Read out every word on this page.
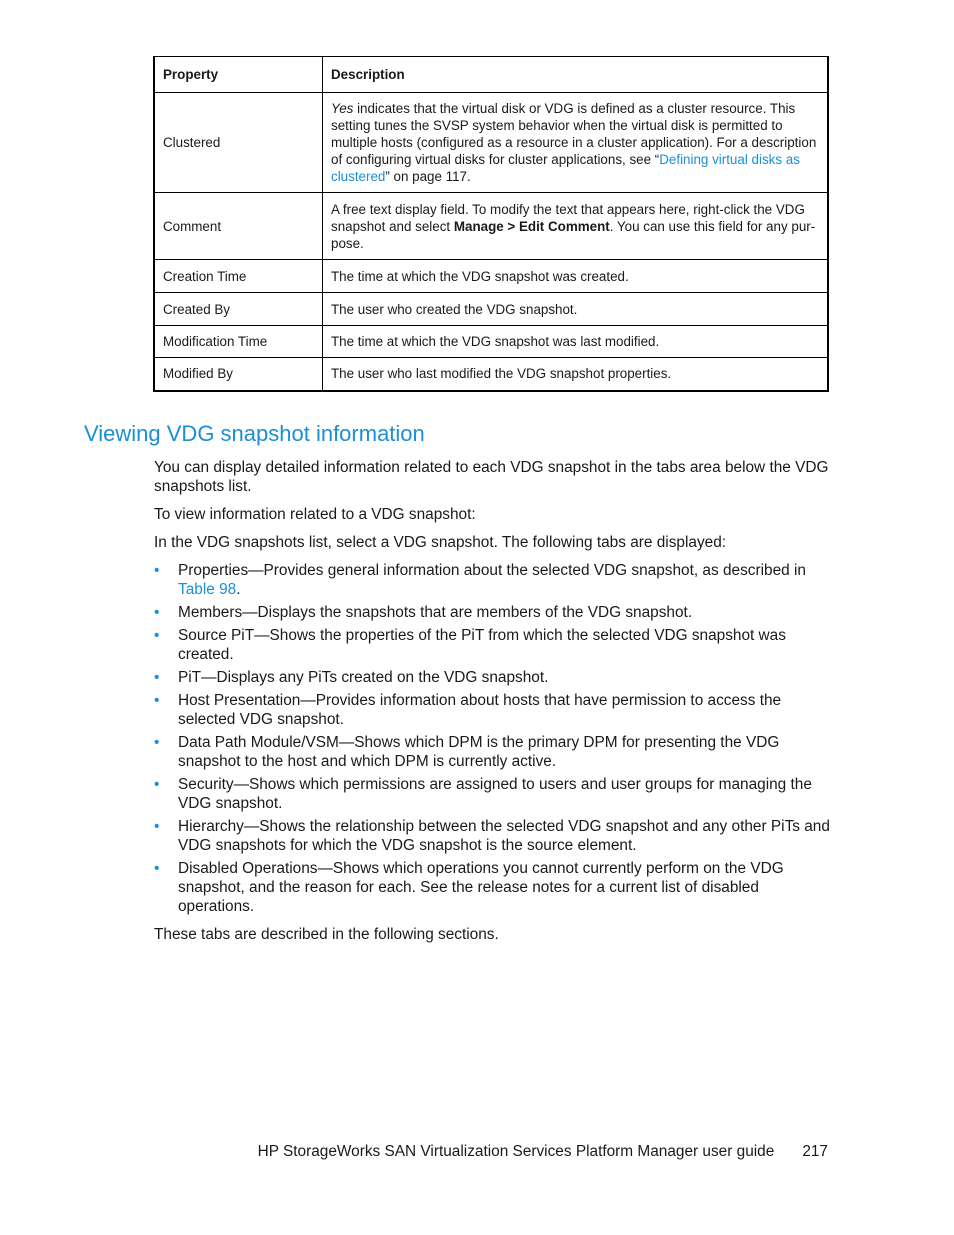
Property	Description
Clustered	Yes indicates that the virtual disk or VDG is defined as a cluster resource. This setting tunes the SVSP system behavior when the virtual disk is permitted to multiple hosts (configured as a resource in a cluster application). For a description of configuring virtual disks for cluster applications, see “Defining virtual disks as clustered” on page 117.
Comment	A free text display field. To modify the text that appears here, right-click the VDG snapshot and select Manage > Edit Comment. You can use this field for any pur-pose.
Creation Time	The time at which the VDG snapshot was created.
Created By	The user who created the VDG snapshot.
Modification Time	The time at which the VDG snapshot was last modified.
Modified By	The user who last modified the VDG snapshot properties.
Viewing VDG snapshot information

You can display detailed information related to each VDG snapshot in the tabs area below the VDG snapshots list.

To view information related to a VDG snapshot:

In the VDG snapshots list, select a VDG snapshot. The following tabs are displayed:

• Properties—Provides general information about the selected VDG snapshot, as described in Table 98.
• Members—Displays the snapshots that are members of the VDG snapshot.
• Source PiT—Shows the properties of the PiT from which the selected VDG snapshot was created.
• PiT—Displays any PiTs created on the VDG snapshot.
• Host Presentation—Provides information about hosts that have permission to access the selected VDG snapshot.
• Data Path Module/VSM—Shows which DPM is the primary DPM for presenting the VDG snapshot to the host and which DPM is currently active.
• Security—Shows which permissions are assigned to users and user groups for managing the VDG snapshot.
• Hierarchy—Shows the relationship between the selected VDG snapshot and any other PiTs and VDG snapshots for which the VDG snapshot is the source element.
• Disabled Operations—Shows which operations you cannot currently perform on the VDG snapshot, and the reason for each. See the release notes for a current list of disabled operations.

These tabs are described in the following sections.

HP StorageWorks SAN Virtualization Services Platform Manager user guide 217
